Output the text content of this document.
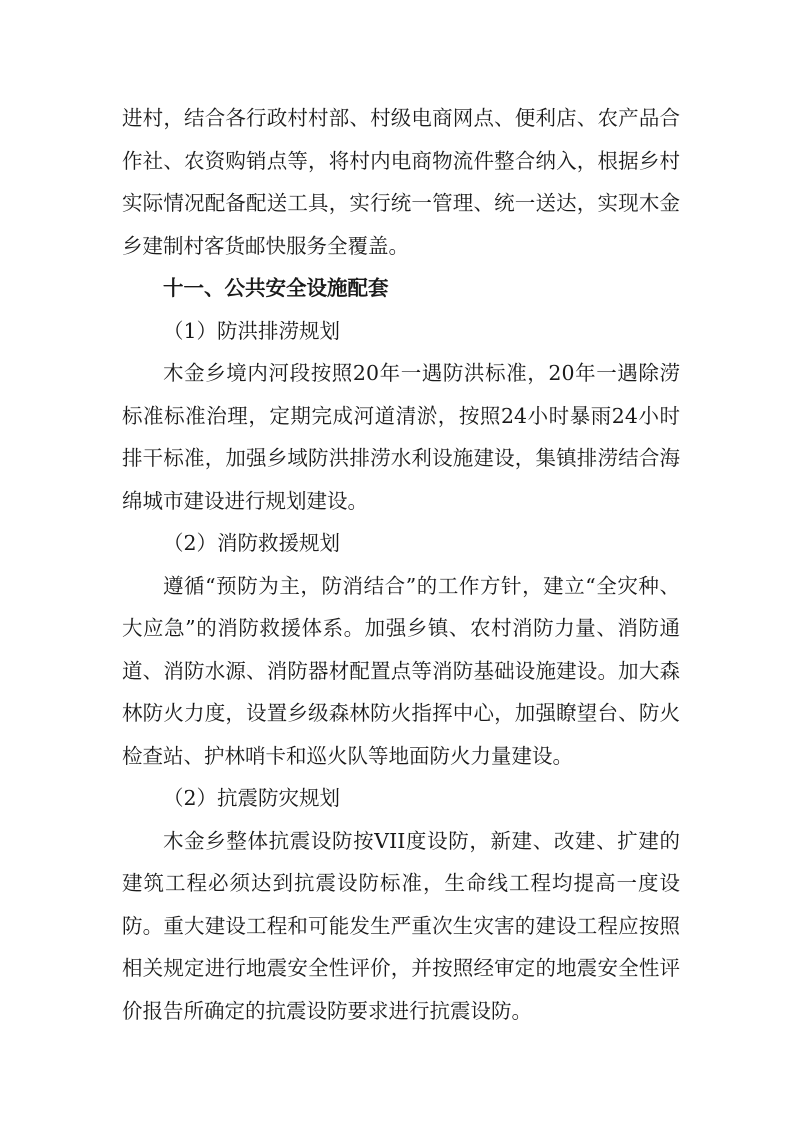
进村，结合各行政村村部、村级电商网点、便利店、农产品合作社、农资购销点等，将村内电商物流件整合纳入，根据乡村实际情况配备配送工具，实行统一管理、统一送达，实现木金乡建制村客货邮快服务全覆盖。

十一、公共安全设施配套

（1）防洪排涝规划

木金乡境内河段按照20年一遇防洪标准，20年一遇除涝标准标准治理，定期完成河道清淤，按照24小时暴雨24小时排干标准，加强乡域防洪排涝水利设施建设，集镇排涝结合海绵城市建设进行规划建设。

（2）消防救援规划

遵循“预防为主，防消结合”的工作方针，建立“全灾种、大应急”的消防救援体系。加强乡镇、农村消防力量、消防通道、消防水源、消防器材配置点等消防基础设施建设。加大森林防火力度，设置乡级森林防火指挥中心，加强瞭望台、防火检查站、护林哨卡和巡火队等地面防火力量建设。

（2）抗震防灾规划

木金乡整体抗震设防按VII度设防，新建、改建、扩建的建筑工程必须达到抗震设防标准，生命线工程均提高一度设防。重大建设工程和可能发生严重次生灾害的建设工程应按照相关规定进行地震安全性评价，并按照经审定的地震安全性评价报告所确定的抗震设防要求进行抗震设防。
